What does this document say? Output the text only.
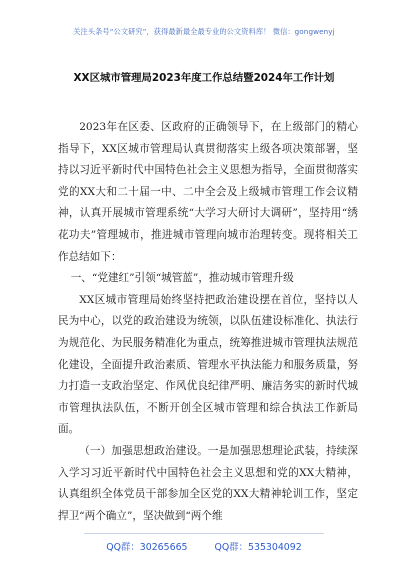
关注头条号“公文研究”，获得最新最全最专业的公文资料库！ 微信：gongwenyj
XX区城市管理局2023年度工作总结暨2024年工作计划

2023年在区委、区政府的正确领导下，在上级部门的精心指导下，XX区城市管理局认真贯彻落实上级各项决策部署，坚持以习近平新时代中国特色社会主义思想为指导，全面贯彻落实党的XX大和二十届一中、二中全会及上级城市管理工作会议精神，认真开展城市管理系统“大学习大研讨大调研”，坚持用“绣花功夫”管理城市，推进城市管理向城市治理转变。现将相关工作总结如下：

一、“党建红”引领“城管蓝”，推动城市管理升级

XX区城市管理局始终坚持把政治建设摆在首位，坚持以人民为中心，以党的政治建设为统领，以队伍建设标准化、执法行为规范化、为民服务精准化为重点，统筹推进城市管理执法规范化建设，全面提升政治素质、管理水平执法能力和服务质量，努力打造一支政治坚定、作风优良纪律严明、廉洁务实的新时代城市管理执法队伍，不断开创全区城市管理和综合执法工作新局面。

（一）加强思想政治建设。一是加强思想理论武装，持续深入学习习近平新时代中国特色社会主义思想和党的XX大精神，认真组织全体党员干部参加全区党的XX大精神轮训工作，坚定捍卫“两个确立”，坚决做到“两个维

QQ群：30265665	QQ群：535304092
